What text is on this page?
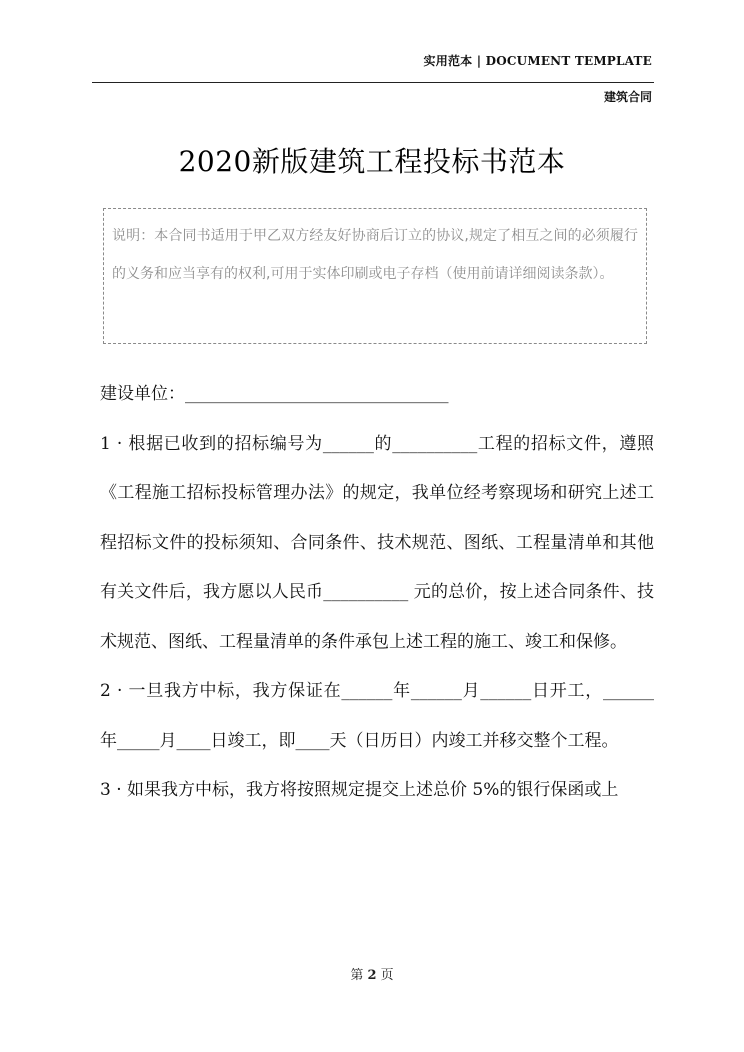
实用范本 | DOCUMENT TEMPLATE
建筑合同
2020新版建筑工程投标书范本

说明：本合同书适用于甲乙双方经友好协商后订立的协议,规定了相互之间的必须履行的义务和应当享有的权利,可用于实体印刷或电子存档（使用前请详细阅读条款）。

建设单位：_______________________________

1 · 根据已收到的招标编号为______的__________工程的招标文件，遵照《工程施工招标投标管理办法》的规定，我单位经考察现场和研究上述工程招标文件的投标须知、合同条件、技术规范、图纸、工程量清单和其他有关文件后，我方愿以人民币__________ 元的总价，按上述合同条件、技术规范、图纸、工程量清单的条件承包上述工程的施工、竣工和保修。

2 · 一旦我方中标，我方保证在______年______月______日开工，______年_____月____日竣工，即____天（日历日）内竣工并移交整个工程。

3 · 如果我方中标，我方将按照规定提交上述总价 5%的银行保函或上

第 2 页
